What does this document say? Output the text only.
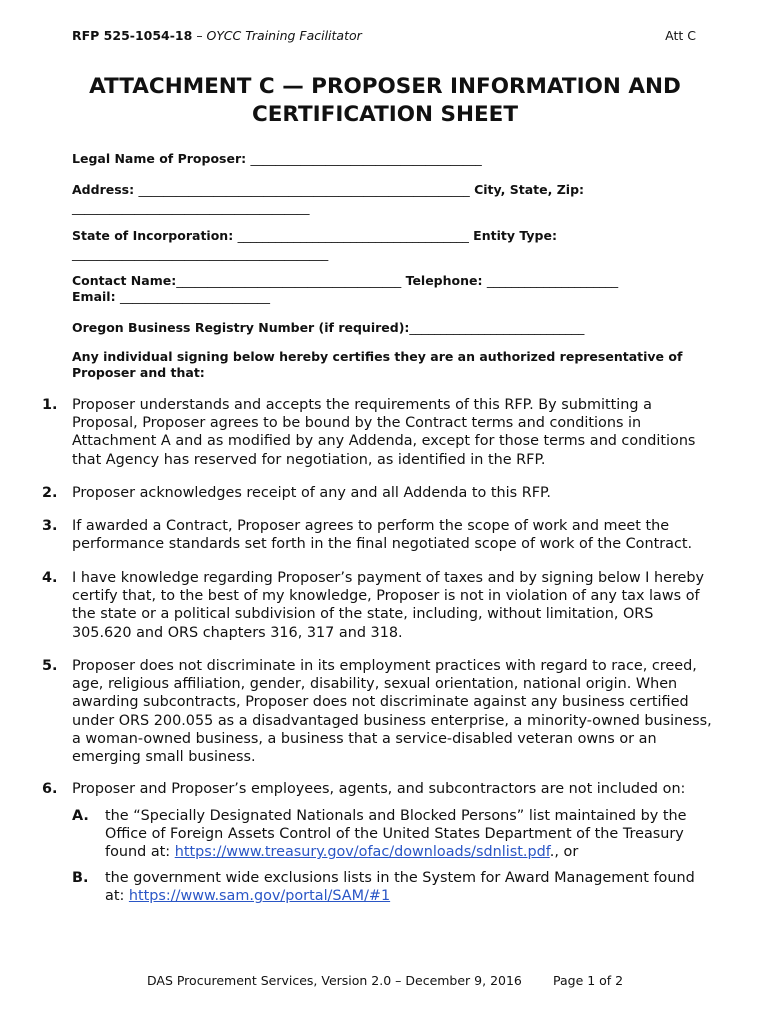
RFP 525-1054-18 – OYCC Training Facilitator	Att C
ATTACHMENT C — PROPOSER INFORMATION AND
CERTIFICATION SHEET
Legal Name of Proposer: _____________________________________
Address: _____________________________________________________ City, State, Zip:
______________________________________
State of Incorporation: _____________________________________ Entity Type:
_________________________________________
Contact Name:____________________________________ Telephone: _____________________
Email: ________________________
Oregon Business Registry Number (if required):____________________________
Any individual signing below hereby certifies they are an authorized representative of Proposer and that:
1.	Proposer understands and accepts the requirements of this RFP. By submitting a Proposal, Proposer agrees to be bound by the Contract terms and conditions in Attachment A and as modified by any Addenda, except for those terms and conditions that Agency has reserved for negotiation, as identified in the RFP.
2.	Proposer acknowledges receipt of any and all Addenda to this RFP.
3.	If awarded a Contract, Proposer agrees to perform the scope of work and meet the performance standards set forth in the final negotiated scope of work of the Contract.
4.	I have knowledge regarding Proposer’s payment of taxes and by signing below I hereby certify that, to the best of my knowledge, Proposer is not in violation of any tax laws of the state or a political subdivision of the state, including, without limitation, ORS 305.620 and ORS chapters 316, 317 and 318.
5.	Proposer does not discriminate in its employment practices with regard to race, creed, age, religious affiliation, gender, disability, sexual orientation, national origin. When awarding subcontracts, Proposer does not discriminate against any business certified under ORS 200.055 as a disadvantaged business enterprise, a minority-owned business, a woman-owned business, a business that a service-disabled veteran owns or an emerging small business.
6.	Proposer and Proposer’s employees, agents, and subcontractors are not included on:
A. the “Specially Designated Nationals and Blocked Persons” list maintained by the Office of Foreign Assets Control of the United States Department of the Treasury found at: https://www.treasury.gov/ofac/downloads/sdnlist.pdf., or
B. the government wide exclusions lists in the System for Award Management found at: https://www.sam.gov/portal/SAM/#1
DAS Procurement Services, Version 2.0 – December 9, 2016 Page 1 of 2
